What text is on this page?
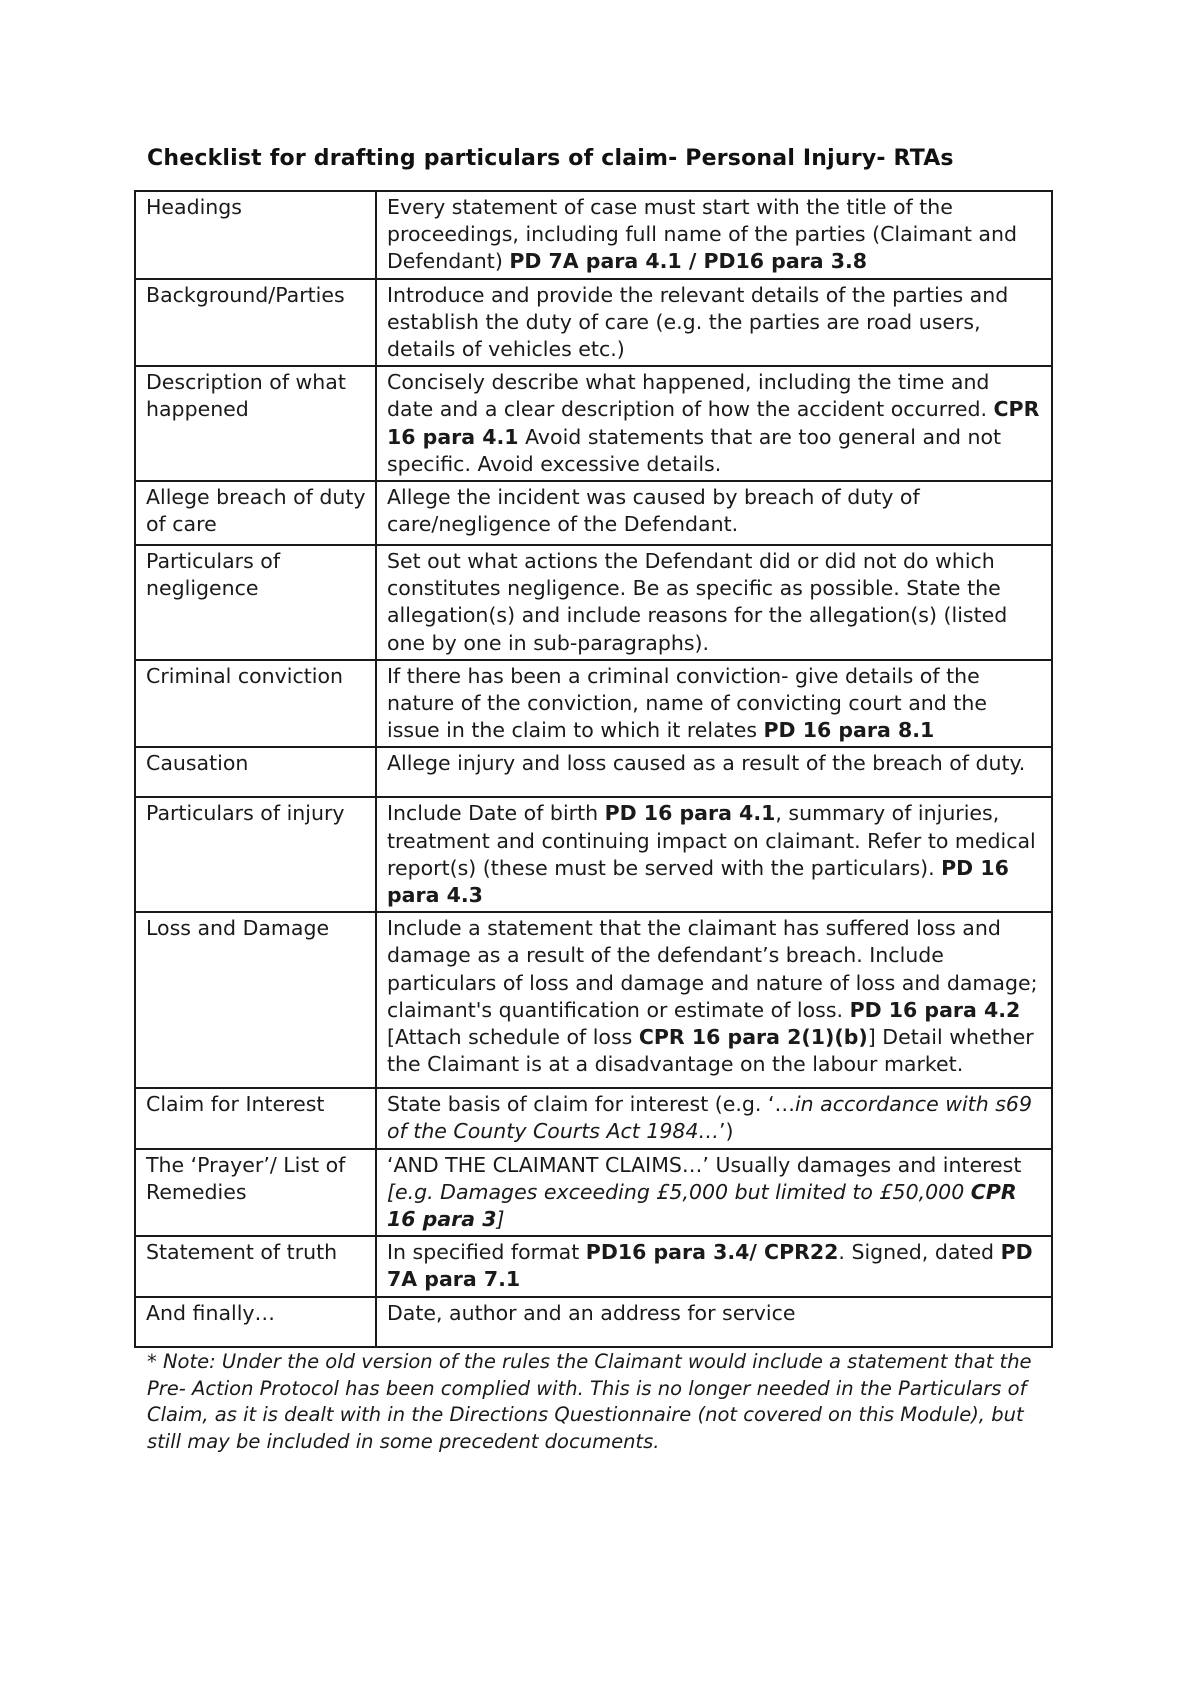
Checklist for drafting particulars of claim- Personal Injury- RTAs
Headings	Every statement of case must start with the title of the proceedings, including full name of the parties (Claimant and Defendant) PD 7A para 4.1 / PD16 para 3.8
Background/Parties	Introduce and provide the relevant details of the parties and establish the duty of care (e.g. the parties are road users, details of vehicles etc.)
Description of what happened	Concisely describe what happened, including the time and date and a clear description of how the accident occurred. CPR 16 para 4.1 Avoid statements that are too general and not specific. Avoid excessive details.
Allege breach of duty of care	Allege the incident was caused by breach of duty of care/negligence of the Defendant.
Particulars of negligence	Set out what actions the Defendant did or did not do which constitutes negligence. Be as specific as possible. State the allegation(s) and include reasons for the allegation(s) (listed one by one in sub-paragraphs).
Criminal conviction	If there has been a criminal conviction- give details of the nature of the conviction, name of convicting court and the issue in the claim to which it relates PD 16 para 8.1
Causation	Allege injury and loss caused as a result of the breach of duty.
Particulars of injury	Include Date of birth PD 16 para 4.1, summary of injuries, treatment and continuing impact on claimant. Refer to medical report(s) (these must be served with the particulars). PD 16 para 4.3
Loss and Damage	Include a statement that the claimant has suffered loss and damage as a result of the defendant’s breach. Include particulars of loss and damage and nature of loss and damage; claimant's quantification or estimate of loss. PD 16 para 4.2 [Attach schedule of loss CPR 16 para 2(1)(b)] Detail whether the Claimant is at a disadvantage on the labour market.
Claim for Interest	State basis of claim for interest (e.g. ‘…in accordance with s69 of the County Courts Act 1984…’)
The ‘Prayer’/ List of Remedies	‘AND THE CLAIMANT CLAIMS…’ Usually damages and interest [e.g. Damages exceeding £5,000 but limited to £50,000 CPR 16 para 3]
Statement of truth	In specified format PD16 para 3.4/ CPR22. Signed, dated PD 7A para 7.1
And finally…	Date, author and an address for service
* Note: Under the old version of the rules the Claimant would include a statement that the Pre- Action Protocol has been complied with. This is no longer needed in the Particulars of Claim, as it is dealt with in the Directions Questionnaire (not covered on this Module), but still may be included in some precedent documents.
